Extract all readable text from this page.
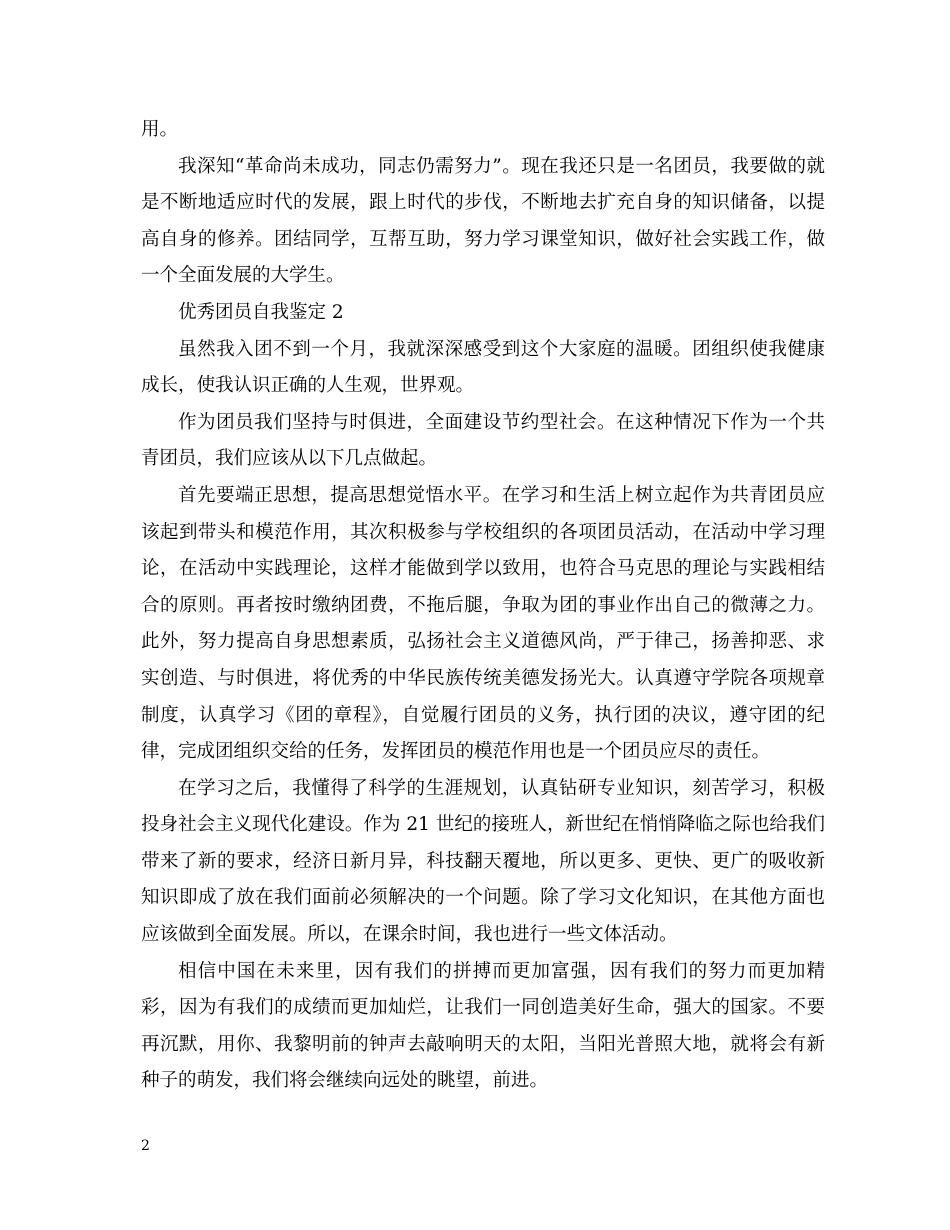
用。

我深知“革命尚未成功，同志仍需努力”。现在我还只是一名团员，我要做的就是不断地适应时代的发展，跟上时代的步伐，不断地去扩充自身的知识储备，以提高自身的修养。团结同学，互帮互助，努力学习课堂知识，做好社会实践工作，做一个全面发展的大学生。

优秀团员自我鉴定 2

虽然我入团不到一个月，我就深深感受到这个大家庭的温暖。团组织使我健康成长，使我认识正确的人生观，世界观。

作为团员我们坚持与时俱进，全面建设节约型社会。在这种情况下作为一个共青团员，我们应该从以下几点做起。

首先要端正思想，提高思想觉悟水平。在学习和生活上树立起作为共青团员应该起到带头和模范作用，其次积极参与学校组织的各项团员活动，在活动中学习理论，在活动中实践理论，这样才能做到学以致用，也符合马克思的理论与实践相结合的原则。再者按时缴纳团费，不拖后腿，争取为团的事业作出自己的微薄之力。此外，努力提高自身思想素质，弘扬社会主义道德风尚，严于律己，扬善抑恶、求实创造、与时俱进，将优秀的中华民族传统美德发扬光大。认真遵守学院各项规章制度，认真学习《团的章程》，自觉履行团员的义务，执行团的决议，遵守团的纪律，完成团组织交给的任务，发挥团员的模范作用也是一个团员应尽的责任。

在学习之后，我懂得了科学的生涯规划，认真钻研专业知识，刻苦学习，积极投身社会主义现代化建设。作为 21 世纪的接班人，新世纪在悄悄降临之际也给我们带来了新的要求，经济日新月异，科技翻天覆地，所以更多、更快、更广的吸收新知识即成了放在我们面前必须解决的一个问题。除了学习文化知识，在其他方面也应该做到全面发展。所以，在课余时间，我也进行一些文体活动。

相信中国在未来里，因有我们的拼搏而更加富强，因有我们的努力而更加精彩，因为有我们的成绩而更加灿烂，让我们一同创造美好生命，强大的国家。不要再沉默，用你、我黎明前的钟声去敲响明天的太阳，当阳光普照大地，就将会有新种子的萌发，我们将会继续向远处的眺望，前进。

2
